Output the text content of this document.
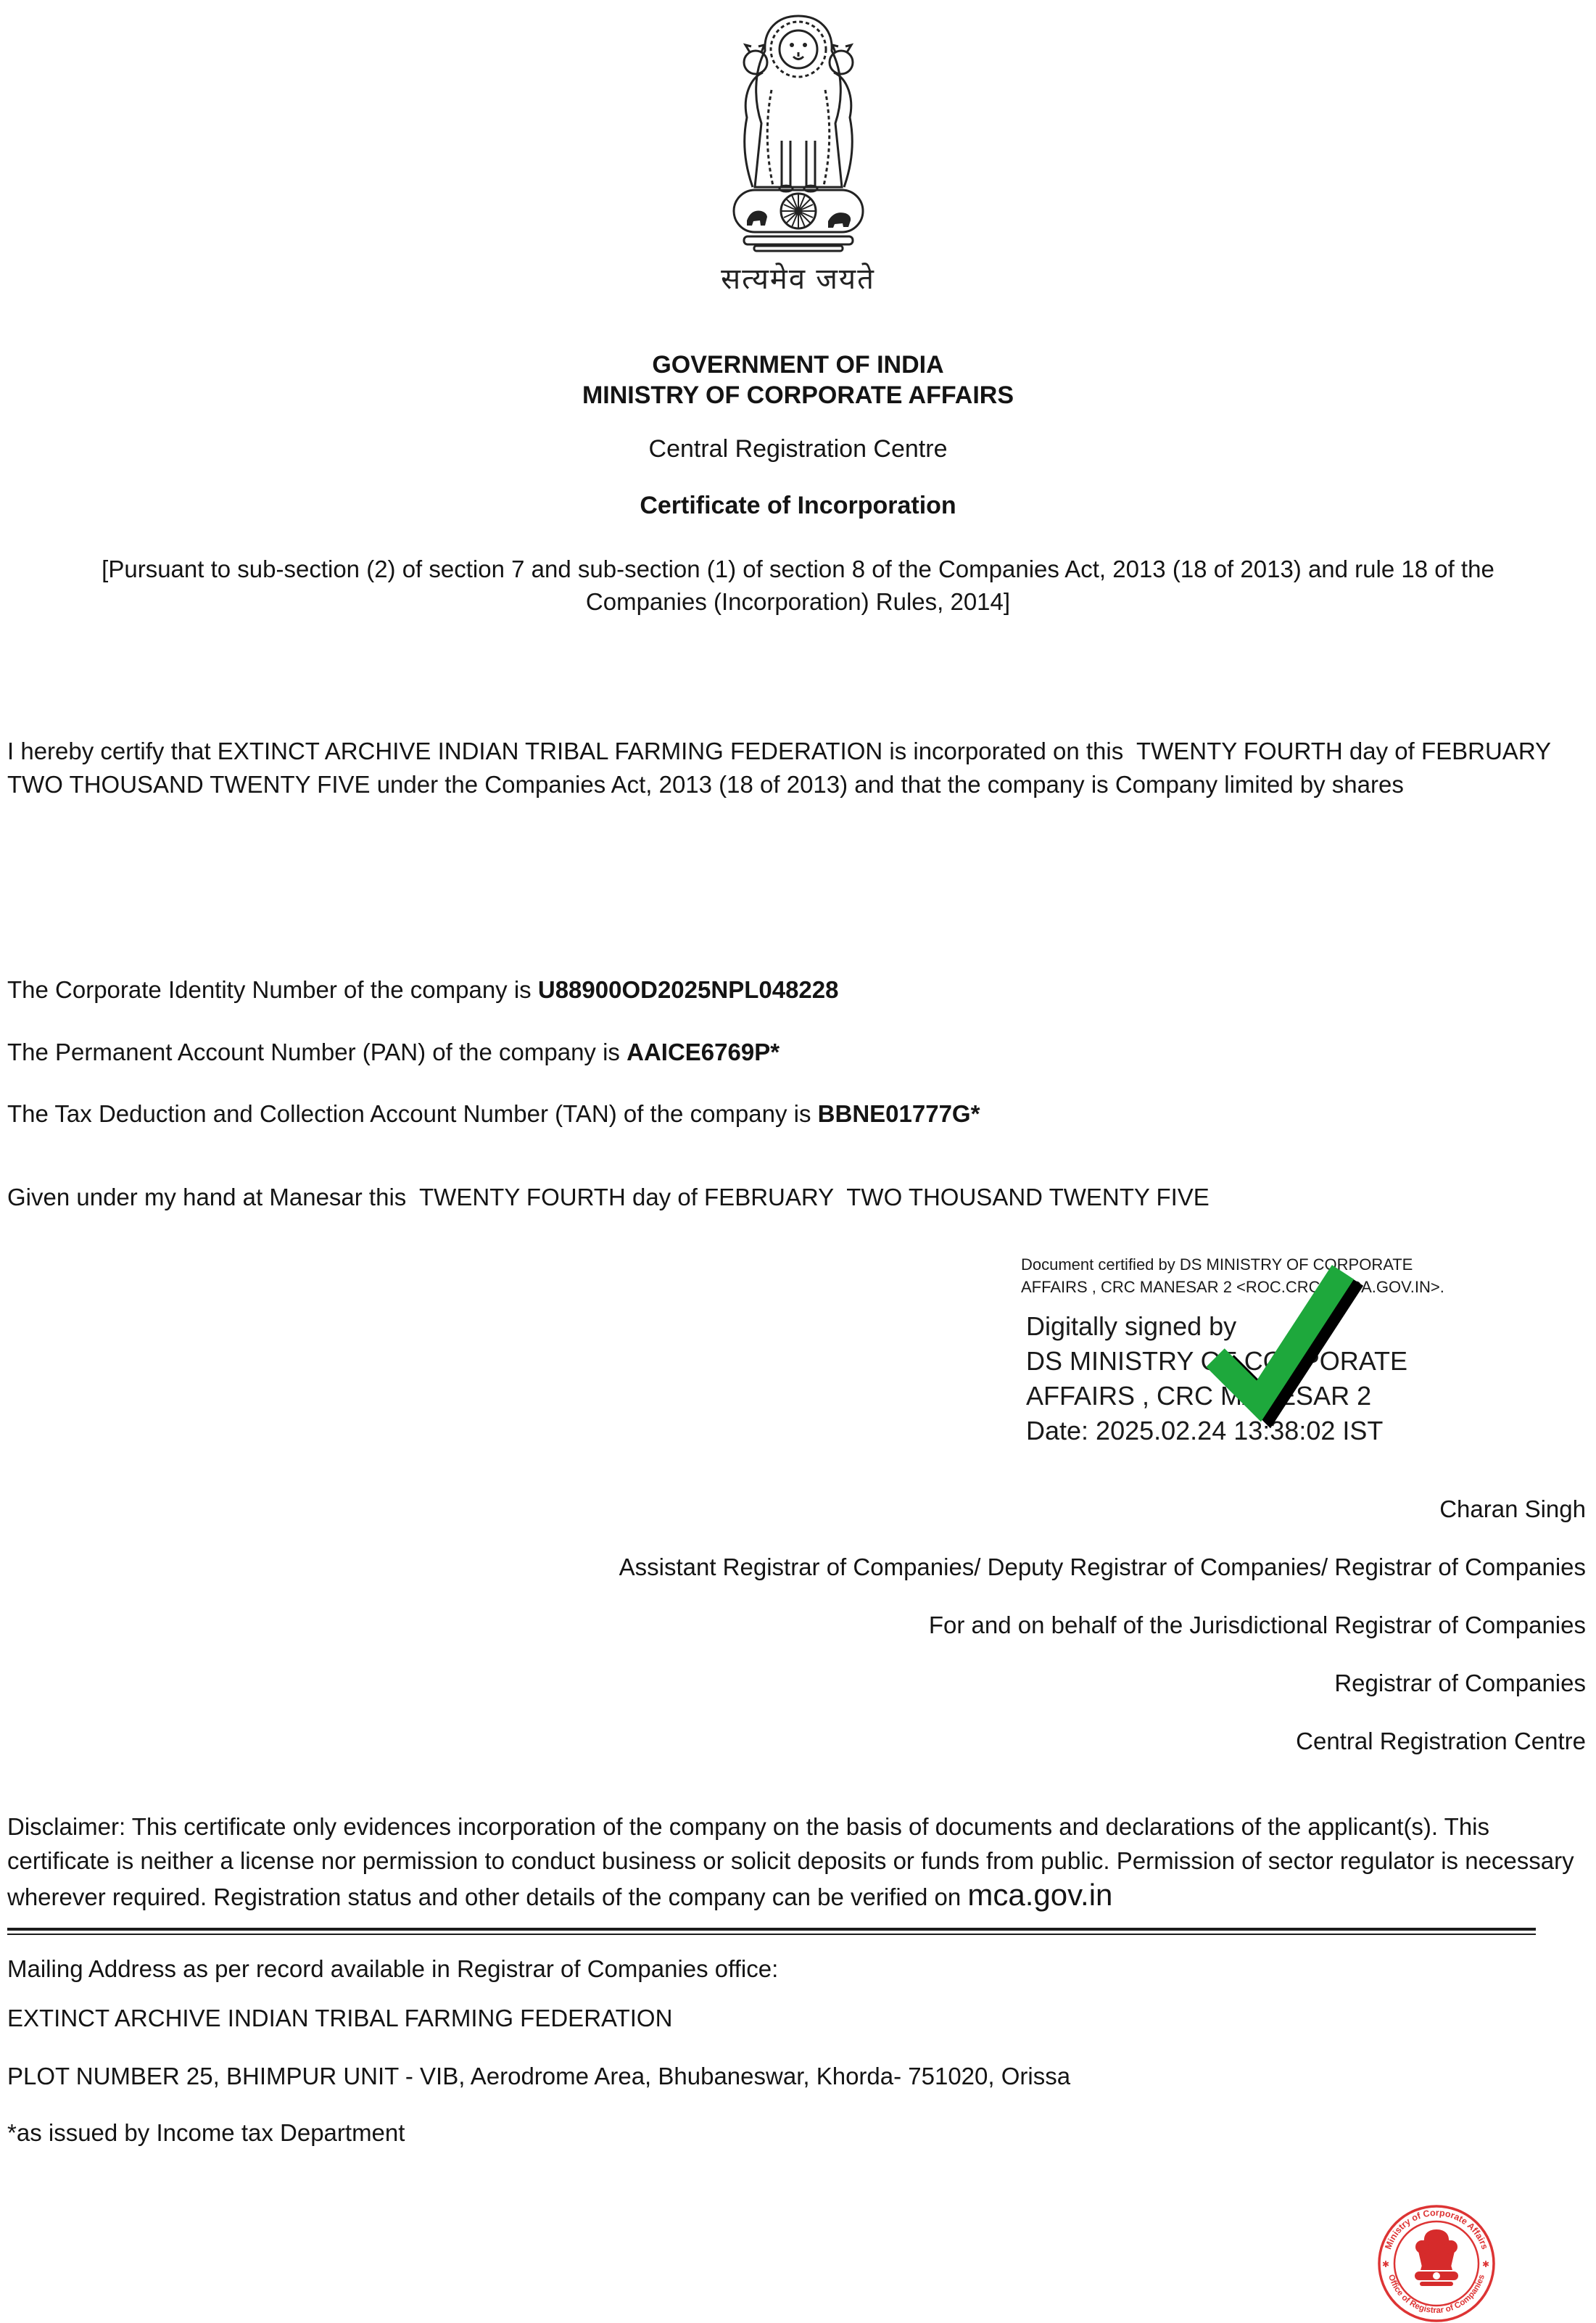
सत्यमेव जयते
GOVERNMENT OF INDIA
MINISTRY OF CORPORATE AFFAIRS
Central Registration Centre
Certificate of Incorporation
[Pursuant to sub-section (2) of section 7 and sub-section (1) of section 8 of the Companies Act, 2013 (18 of 2013) and rule 18 of the Companies (Incorporation) Rules, 2014]
I hereby certify that EXTINCT ARCHIVE INDIAN TRIBAL FARMING FEDERATION is incorporated on this  TWENTY FOURTH day of FEBRUARY  TWO THOUSAND TWENTY FIVE under the Companies Act, 2013 (18 of 2013) and that the company is Company limited by shares
The Corporate Identity Number of the company is U88900OD2025NPL048228
The Permanent Account Number (PAN) of the company is AAICE6769P*
The Tax Deduction and Collection Account Number (TAN) of the company is BBNE01777G*
Given under my hand at Manesar this  TWENTY FOURTH day of FEBRUARY  TWO THOUSAND TWENTY FIVE
Document certified by DS MINISTRY OF CORPORATE
AFFAIRS , CRC MANESAR 2 <ROC.CRC@MCA.GOV.IN>.
Digitally signed by
DS MINISTRY OF CORPORATE
AFFAIRS , CRC MANESAR 2
Date: 2025.02.24 13:38:02 IST
Charan Singh
Assistant Registrar of Companies/ Deputy Registrar of Companies/ Registrar of Companies
For and on behalf of the Jurisdictional Registrar of Companies
Registrar of Companies
Central Registration Centre
Disclaimer: This certificate only evidences incorporation of the company on the basis of documents and declarations of the applicant(s). This certificate is neither a license nor permission to conduct business or solicit deposits or funds from public. Permission of sector regulator is necessary wherever required. Registration status and other details of the company can be verified on mca.gov.in
Mailing Address as per record available in Registrar of Companies office:
EXTINCT ARCHIVE INDIAN TRIBAL FARMING FEDERATION
PLOT NUMBER 25, BHIMPUR UNIT - VIB, Aerodrome Area, Bhubaneswar, Khorda- 751020, Orissa
*as issued by Income tax Department
Ministry of Corporate Affairs
Office of Registrar of Companies
✱	✱
